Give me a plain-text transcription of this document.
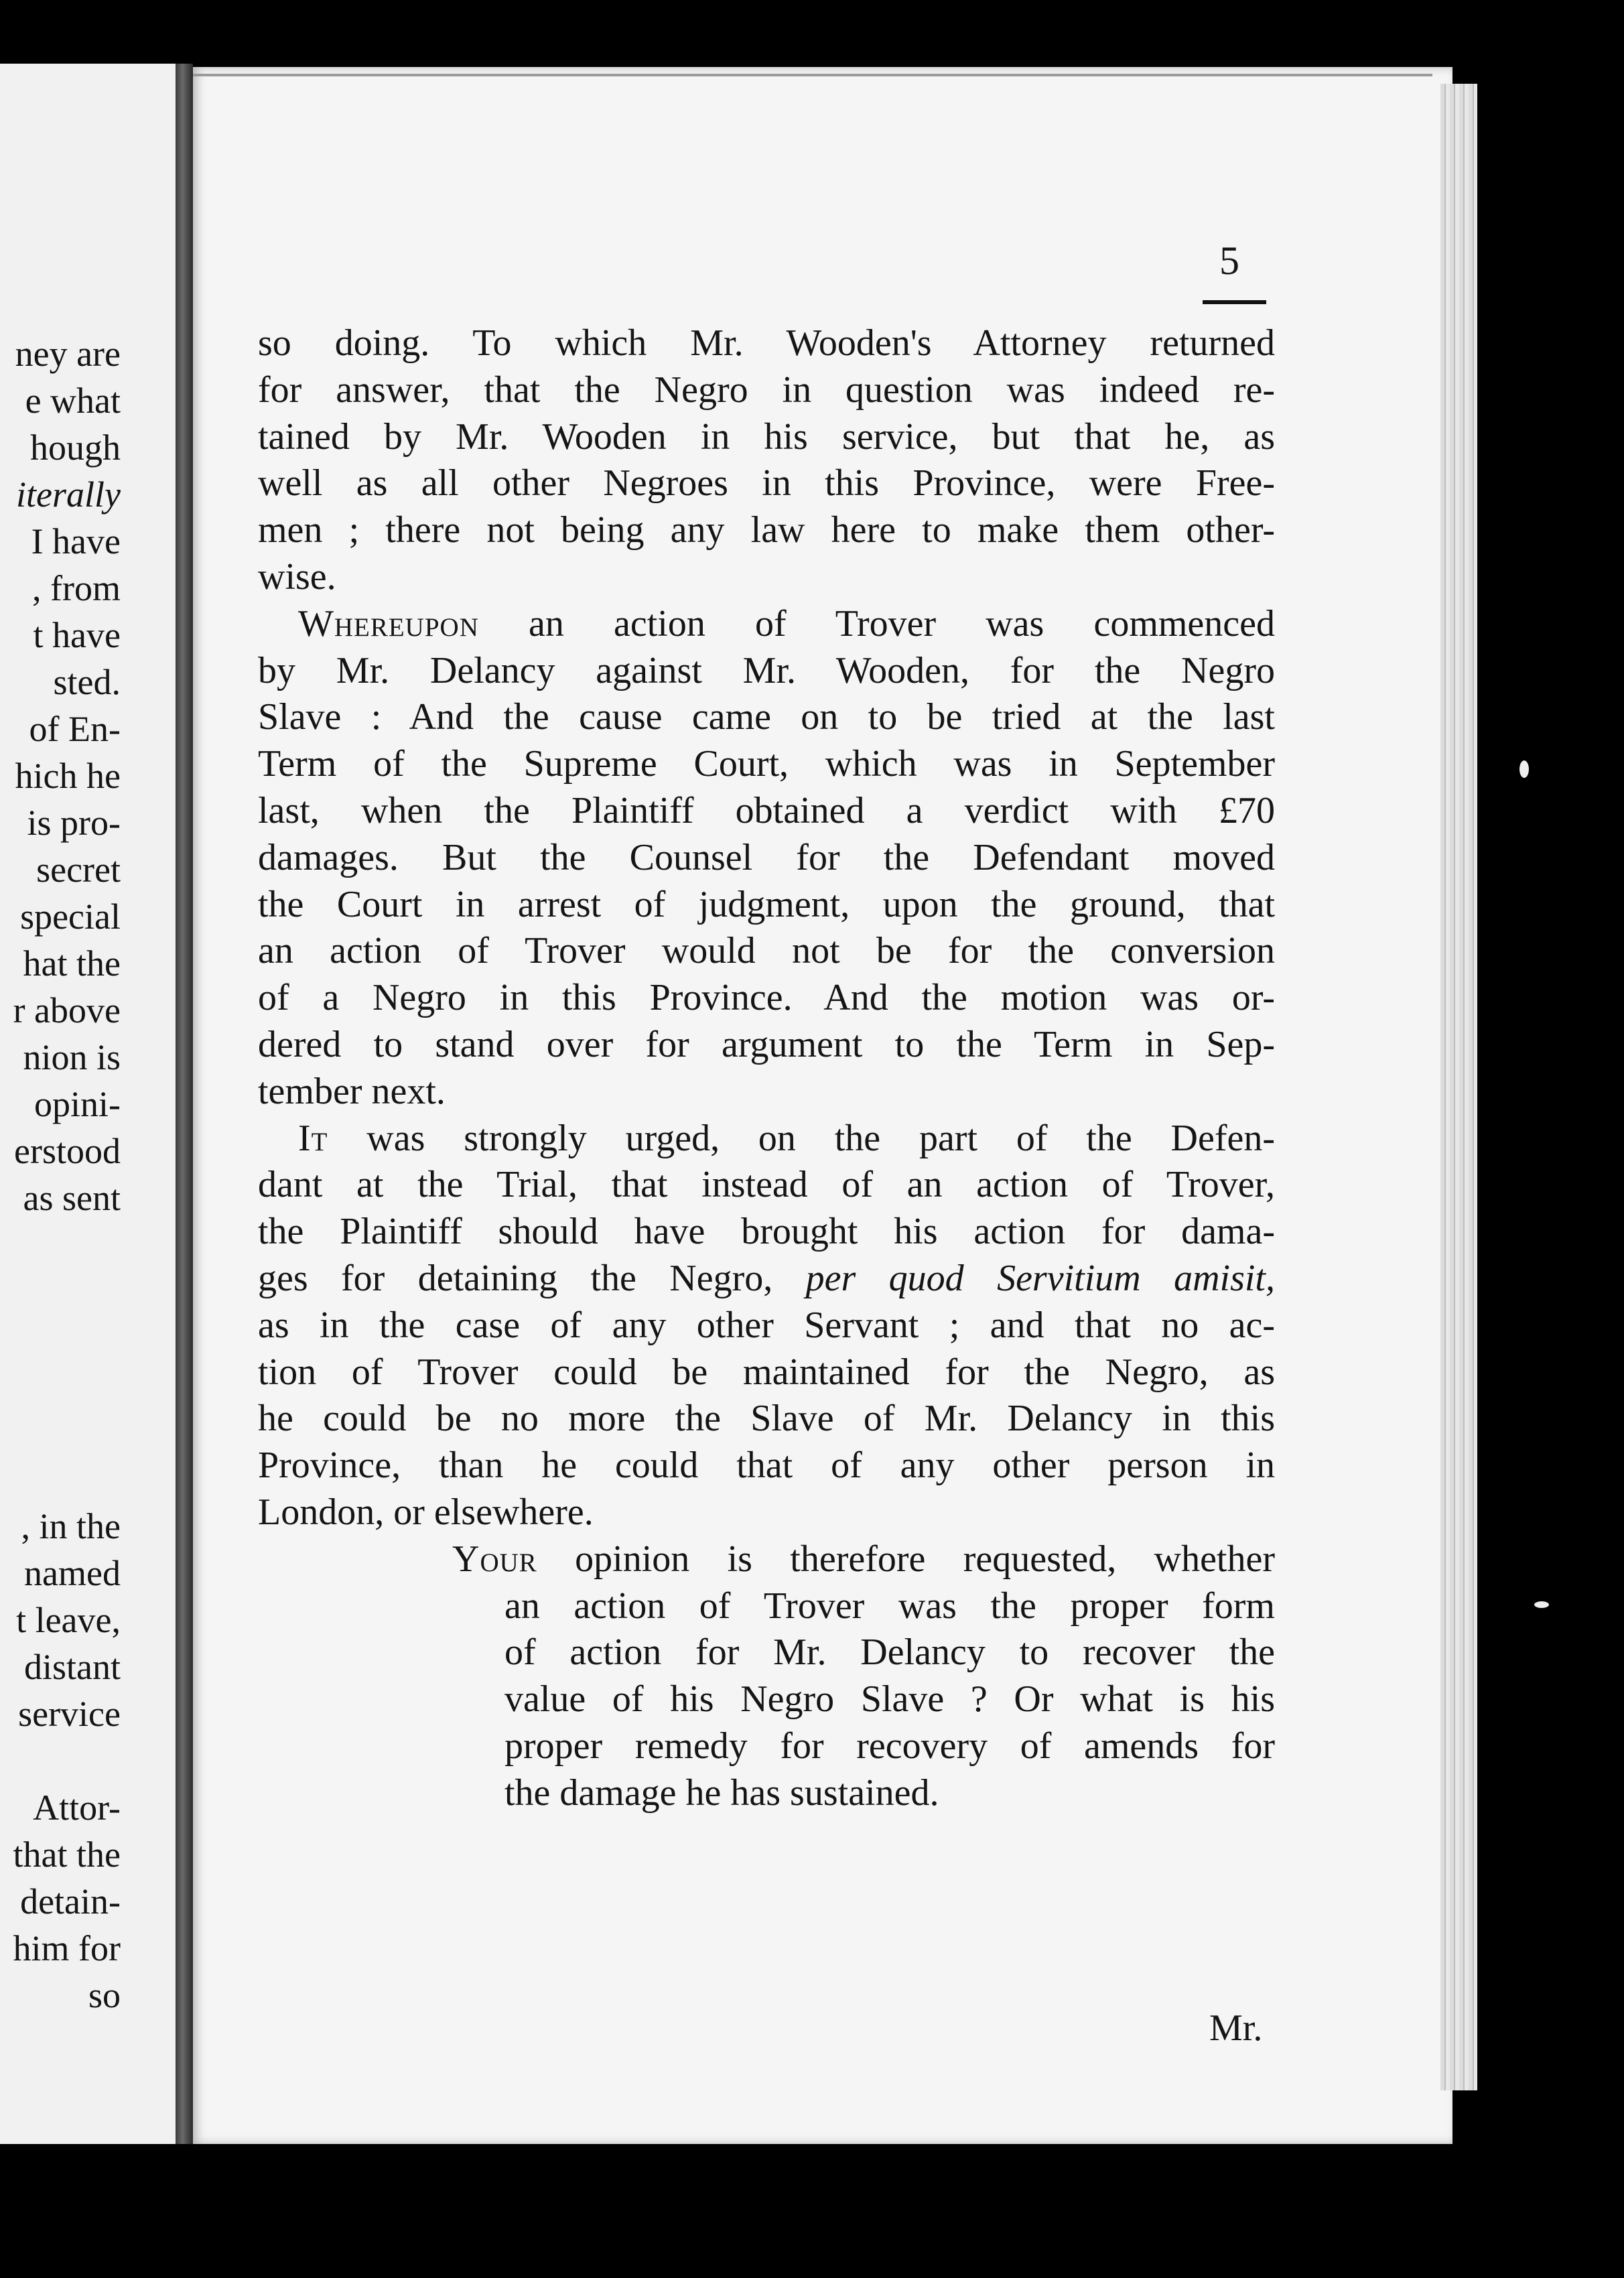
ney are
e what
hough
iterally
I have
, from
t have
sted.
of En-
hich he
is pro-
secret
special
hat the
r above
nion is
opini-
erstood
as sent
, in the
named
t leave,
distant
service
Attor-
that the
detain-
him for
so
5
so doing. To which Mr. Wooden's Attorney returned
for answer, that the Negro in question was indeed re-
tained by Mr. Wooden in his service, but that he, as
well as all other Negroes in this Province, were Free-
men ; there not being any law here to make them other-
wise.
Whereupon an action of Trover was commenced
by Mr. Delancy against Mr. Wooden, for the Negro
Slave : And the cause came on to be tried at the last
Term of the Supreme Court, which was in September
last, when the Plaintiff obtained a verdict with £70
damages. But the Counsel for the Defendant moved
the Court in arrest of judgment, upon the ground, that
an action of Trover would not be for the conversion
of a Negro in this Province. And the motion was or-
dered to stand over for argument to the Term in Sep-
tember next.
It was strongly urged, on the part of the Defen-
dant at the Trial, that instead of an action of Trover,
the Plaintiff should have brought his action for dama-
ges for detaining the Negro, per quod Servitium amisit,
as in the case of any other Servant ; and that no ac-
tion of Trover could be maintained for the Negro, as
he could be no more the Slave of Mr. Delancy in this
Province, than he could that of any other person in
London, or elsewhere.
Your opinion is therefore requested, whether
an action of Trover was the proper form
of action for Mr. Delancy to recover the
value of his Negro Slave ? Or what is his
proper remedy for recovery of amends for
the damage he has sustained.
Mr.
